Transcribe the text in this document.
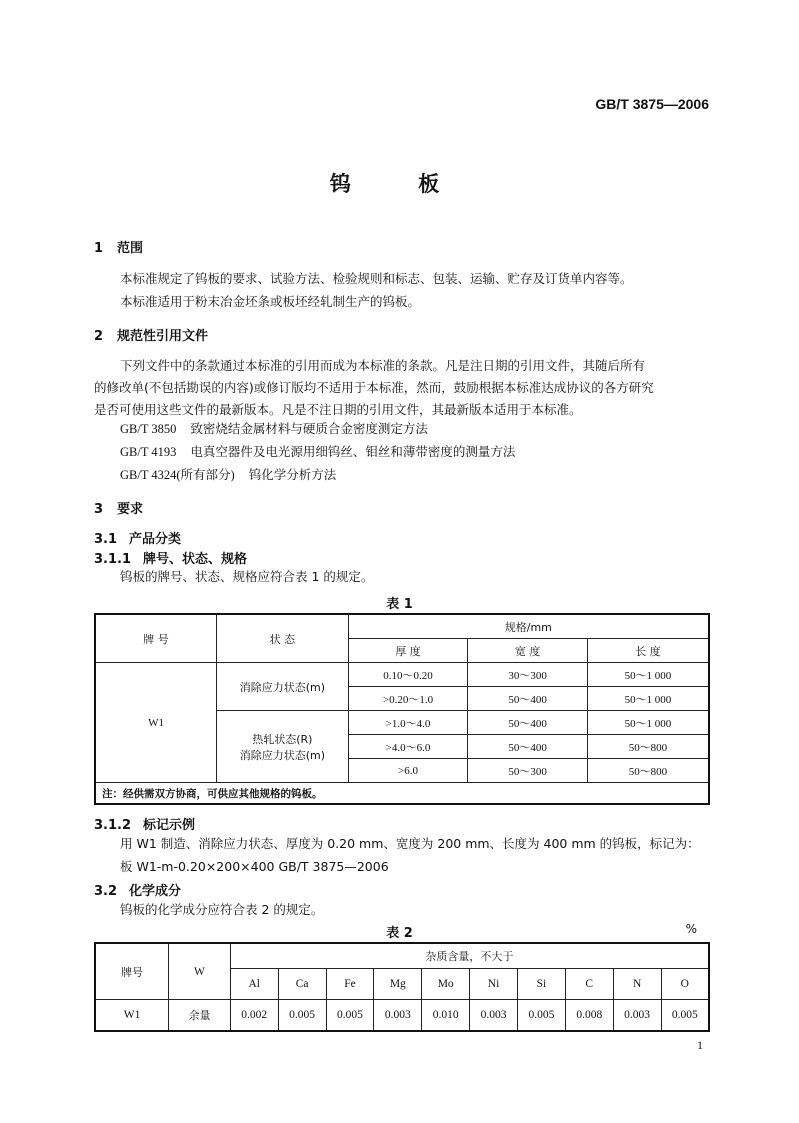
GB/T 3875—2006
钨 板
1 范围
本标准规定了钨板的要求、试验方法、检验规则和标志、包装、运输、贮存及订货单内容等。
本标准适用于粉末冶金坯条或板坯经轧制生产的钨板。
2 规范性引用文件
下列文件中的条款通过本标准的引用而成为本标准的条款。凡是注日期的引用文件，其随后所有
的修改单(不包括勘误的内容)或修订版均不适用于本标准，然而，鼓励根据本标准达成协议的各方研究
是否可使用这些文件的最新版本。凡是不注日期的引用文件，其最新版本适用于本标准。
GB/T 3850 致密烧结金属材料与硬质合金密度测定方法
GB/T 4193 电真空器件及电光源用细钨丝、钼丝和薄带密度的测量方法
GB/T 4324(所有部分) 钨化学分析方法
3 要求
3.1 产品分类
3.1.1 牌号、状态、规格
钨板的牌号、状态、规格应符合表 1 的规定。
表 1
牌 号	状 态	规格/mm		
		厚 度	宽 度	长 度
W1	消除应力状态(m)	0.10～0.20	30～300	50～1 000
		>0.20～1.0	50～400	50～1 000

	热轧状态(R)
消除应力状态(m)	>1.0～4.0	50～400	50～1 000
		>4.0～6.0	50～400	50～800
		>6.0	50～300	50～800
注：经供需双方协商，可供应其他规格的钨板。				
3.1.2 标记示例
用 W1 制造、消除应力状态、厚度为 0.20 mm、宽度为 200 mm、长度为 400 mm 的钨板，标记为：
板 W1-m-0.20×200×400 GB/T 3875—2006
3.2 化学成分
钨板的化学成分应符合表 2 的规定。
表 2	%
牌号	W	杂质含量，不大于									
		Al	Ca	Fe	Mg	Mo	Ni	Si	C	N	O
W1	余量	0.002	0.005	0.005	0.003	0.010	0.003	0.005	0.008	0.003	0.005
1
